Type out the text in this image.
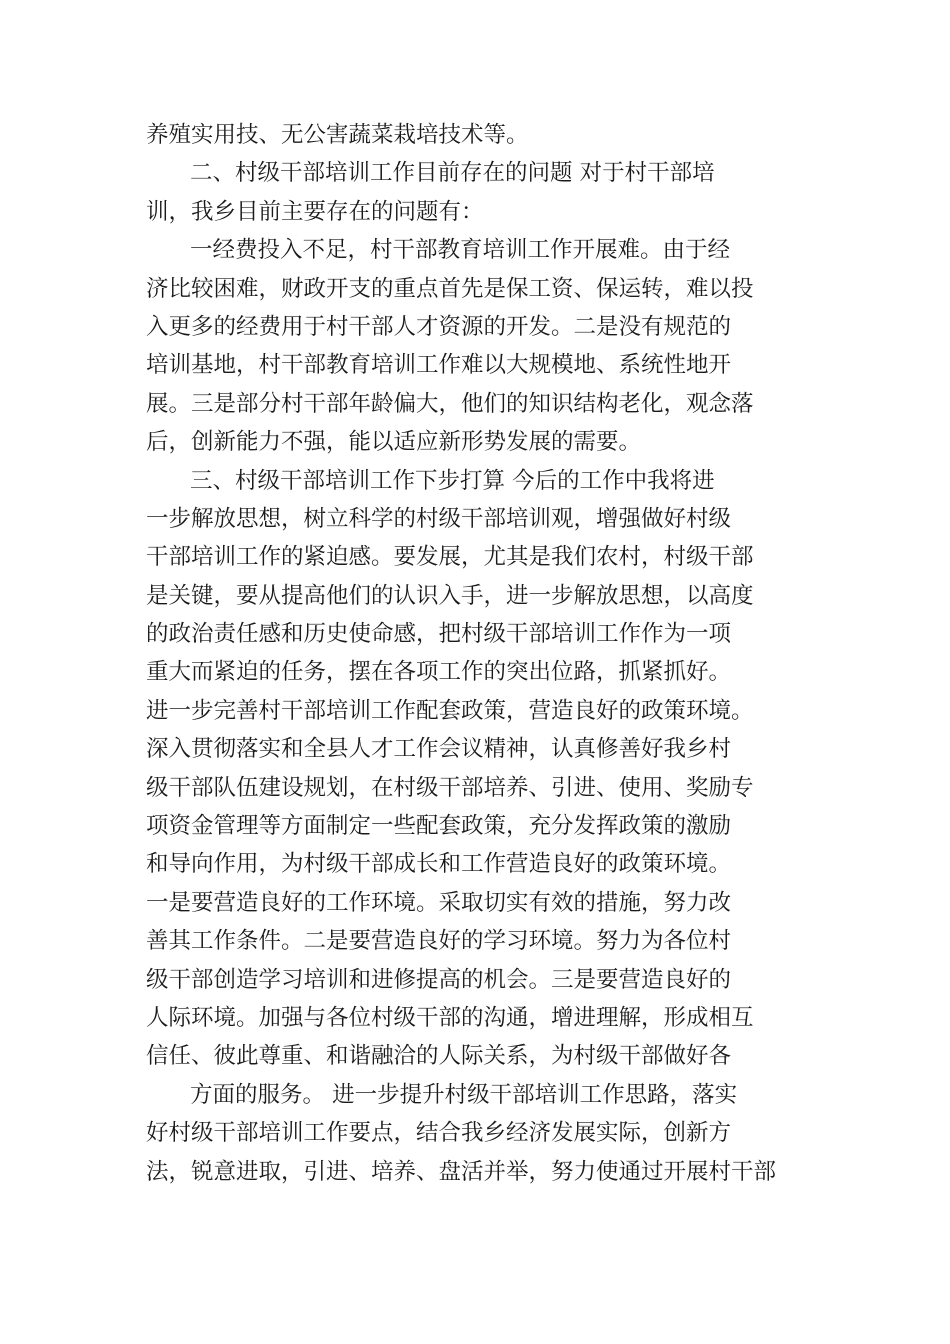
养殖实用技、无公害蔬菜栽培技术等。
二、村级干部培训工作目前存在的问题 对于村干部培
训，我乡目前主要存在的问题有：
一经费投入不足，村干部教育培训工作开展难。由于经
济比较困难，财政开支的重点首先是保工资、保运转，难以投
入更多的经费用于村干部人才资源的开发。二是没有规范的
培训基地，村干部教育培训工作难以大规模地、系统性地开
展。三是部分村干部年龄偏大，他们的知识结构老化，观念落
后，创新能力不强，能以适应新形势发展的需要。
三、村级干部培训工作下步打算 今后的工作中我将进
一步解放思想，树立科学的村级干部培训观，增强做好村级
干部培训工作的紧迫感。要发展，尤其是我们农村，村级干部
是关键，要从提高他们的认识入手，进一步解放思想，以高度
的政治责任感和历史使命感，把村级干部培训工作作为一项
重大而紧迫的任务，摆在各项工作的突出位路，抓紧抓好。
进一步完善村干部培训工作配套政策，营造良好的政策环境。
深入贯彻落实和全县人才工作会议精神，认真修善好我乡村
级干部队伍建设规划，在村级干部培养、引进、使用、奖励专
项资金管理等方面制定一些配套政策，充分发挥政策的激励
和导向作用，为村级干部成长和工作营造良好的政策环境。
一是要营造良好的工作环境。采取切实有效的措施，努力改
善其工作条件。二是要营造良好的学习环境。努力为各位村
级干部创造学习培训和进修提高的机会。三是要营造良好的
人际环境。加强与各位村级干部的沟通，增进理解，形成相互
信任、彼此尊重、和谐融洽的人际关系，为村级干部做好各
方面的服务。 进一步提升村级干部培训工作思路，落实
好村级干部培训工作要点，结合我乡经济发展实际，创新方
法，锐意进取，引进、培养、盘活并举，努力使通过开展村干部
